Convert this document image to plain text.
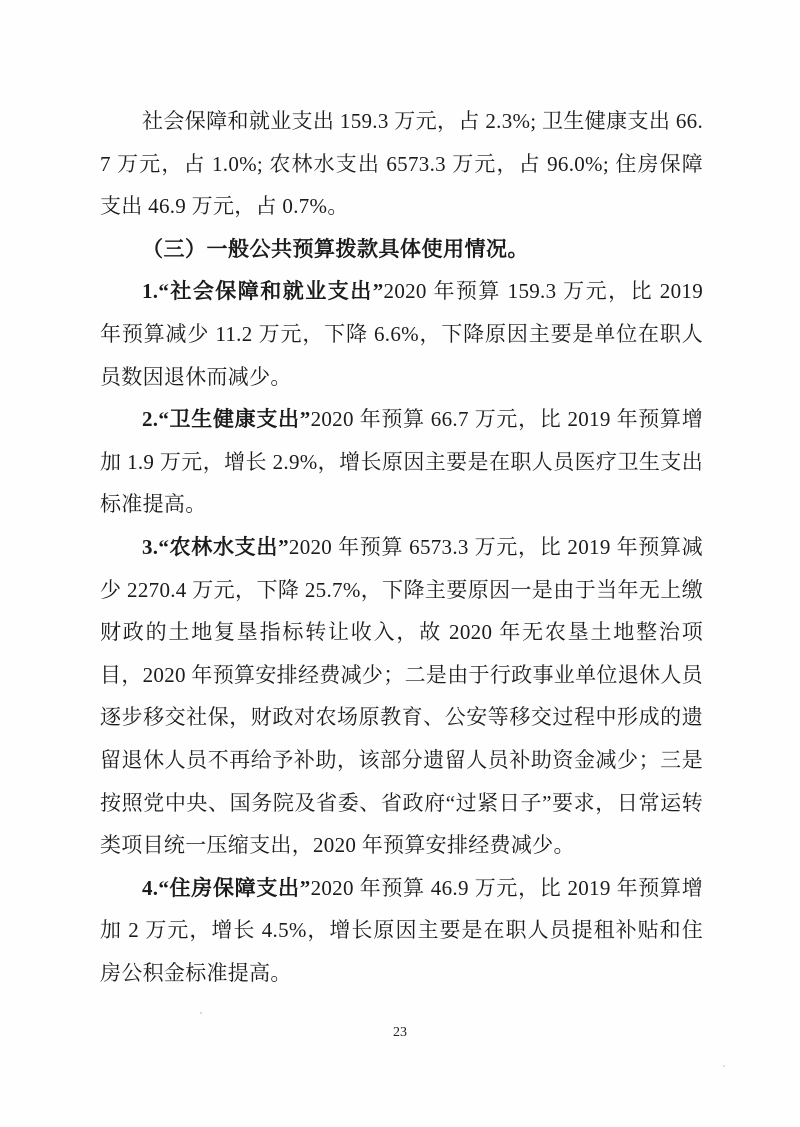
社会保障和就业支出 159.3 万元，占 2.3%; 卫生健康支出 66.7 万元，占 1.0%; 农林水支出 6573.3 万元，占 96.0%; 住房保障支出 46.9 万元，占 0.7%。

（三）一般公共预算拨款具体使用情况。

1.“社会保障和就业支出”2020 年预算 159.3 万元，比 2019 年预算减少 11.2 万元，下降 6.6%，下降原因主要是单位在职人员数因退休而减少。

2.“卫生健康支出”2020 年预算 66.7 万元，比 2019 年预算增加 1.9 万元，增长 2.9%，增长原因主要是在职人员医疗卫生支出标准提高。

3.“农林水支出”2020 年预算 6573.3 万元，比 2019 年预算减少 2270.4 万元，下降 25.7%，下降主要原因一是由于当年无上缴财政的土地复垦指标转让收入，故 2020 年无农垦土地整治项目，2020 年预算安排经费减少；二是由于行政事业单位退休人员逐步移交社保，财政对农场原教育、公安等移交过程中形成的遗留退休人员不再给予补助，该部分遗留人员补助资金减少；三是按照党中央、国务院及省委、省政府“过紧日子”要求，日常运转类项目统一压缩支出，2020 年预算安排经费减少。

4.“住房保障支出”2020 年预算 46.9 万元，比 2019 年预算增加 2 万元，增长 4.5%，增长原因主要是在职人员提租补贴和住房公积金标准提高。

23
